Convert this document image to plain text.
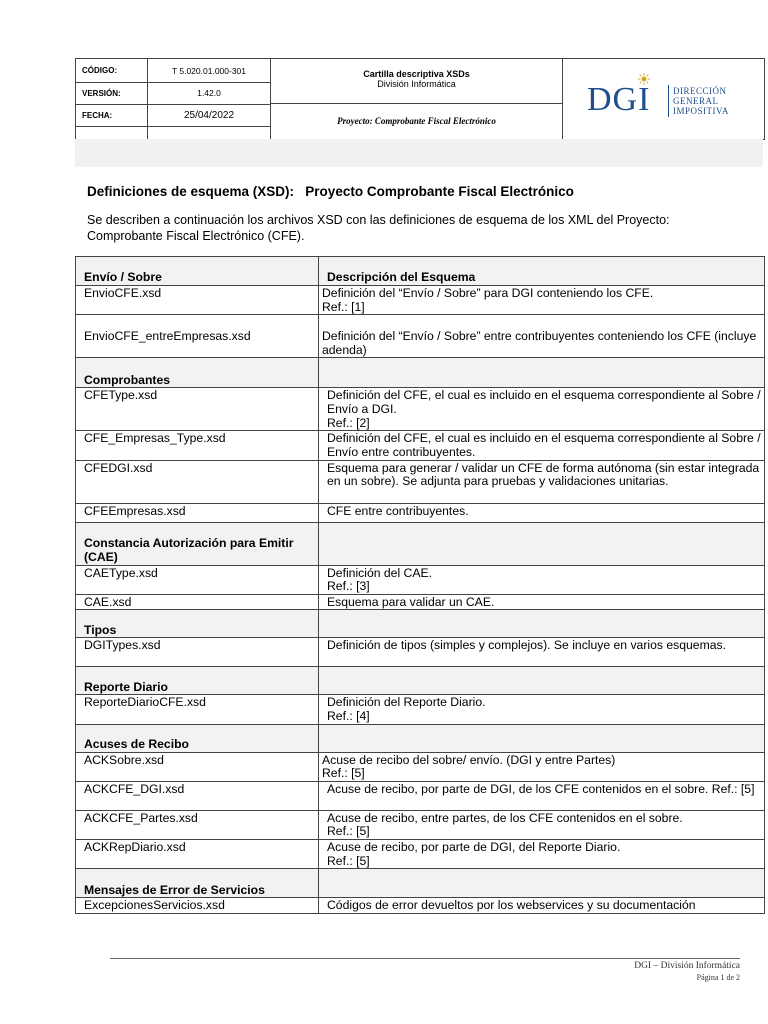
CÓDIGO:	T 5.020.01.000-301
VERSIÓN:	1.42.0
FECHA:	25/04/2022
Cartilla descriptiva XSDs
División Informática
Proyecto: Comprobante Fiscal Electrónico
DGI	DIRECCIÓN
GENERAL
IMPOSITIVA
Definiciones de esquema (XSD):   Proyecto Comprobante Fiscal Electrónico
Se describen a continuación los archivos XSD con las definiciones de esquema de los XML del Proyecto: Comprobante Fiscal Electrónico (CFE).
Envío / Sobre	Descripción del Esquema
EnvioCFE.xsd	Definición del “Envío / Sobre” para DGI conteniendo los CFE.
Ref.: [1]

EnvioCFE_entreEmpresas.xsd	Definición del “Envío / Sobre” entre contribuyentes conteniendo los CFE (incluye adenda)
Comprobantes	
CFEType.xsd	Definición del CFE, el cual es incluido en el esquema correspondiente al Sobre / Envío a DGI.
Ref.: [2]

CFE_Empresas_Type.xsd	Definición del CFE, el cual es incluido en el esquema correspondiente al Sobre / Envío entre contribuyentes.
CFEDGI.xsd	Esquema para generar / validar un CFE de forma autónoma (sin estar integrada en un sobre). Se adjunta para pruebas y validaciones unitarias.
CFEEmpresas.xsd	CFE entre contribuyentes.
Constancia Autorización para Emitir (CAE)	
CAEType.xsd	Definición del CAE.
Ref.: [3]

CAE.xsd	Esquema para validar un CAE.
Tipos	
DGITypes.xsd	Definición de tipos (simples y complejos). Se incluye en varios esquemas.
Reporte Diario	
ReporteDiarioCFE.xsd	Definición del Reporte Diario.
Ref.: [4]

Acuses de Recibo	
ACKSobre.xsd	Acuse de recibo del sobre/ envío. (DGI y entre Partes)
Ref.: [5]

ACKCFE_DGI.xsd	Acuse de recibo, por parte de DGI, de los CFE contenidos en el sobre. Ref.: [5]
ACKCFE_Partes.xsd	Acuse de recibo, entre partes, de los CFE contenidos en el sobre.
Ref.: [5]

ACKRepDiario.xsd	Acuse de recibo, por parte de DGI, del Reporte Diario.
Ref.: [5]

Mensajes de Error de Servicios	
ExcepcionesServicios.xsd	Códigos de error devueltos por los webservices y su documentación
DGI – División Informática
Página 1 de 2
